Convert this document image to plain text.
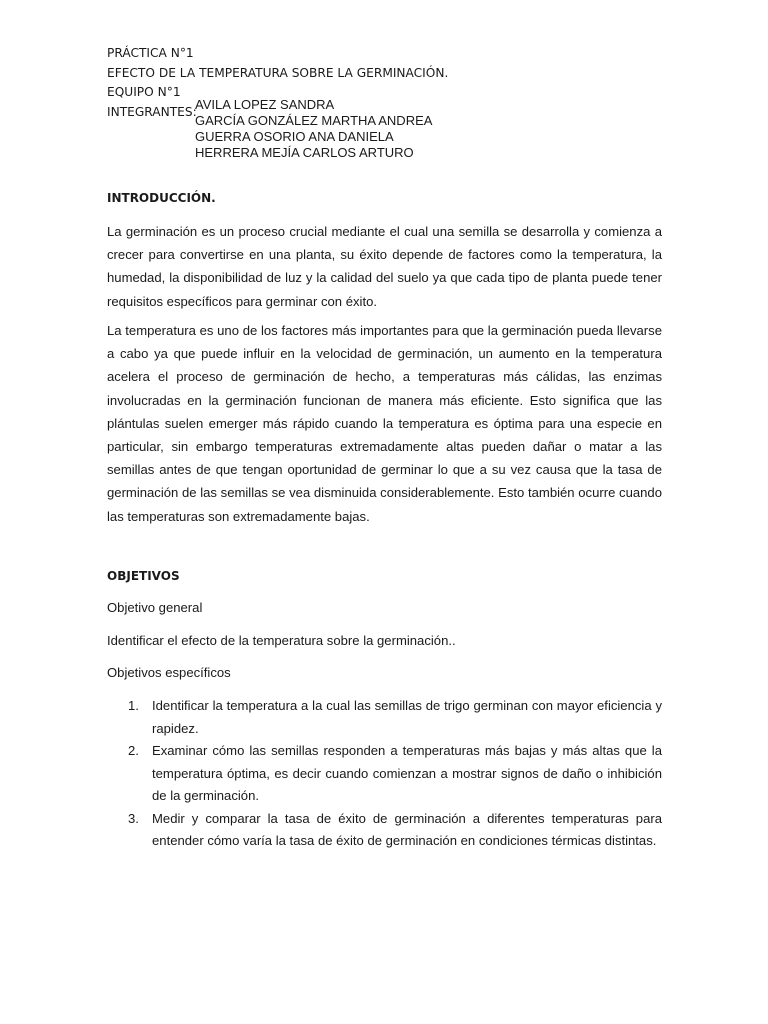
PRÁCTICA N°1
EFECTO DE LA TEMPERATURA SOBRE LA GERMINACIÓN.
EQUIPO N°1
INTEGRANTES:
AVILA LOPEZ SANDRA
GARCÍA GONZÁLEZ MARTHA ANDREA
GUERRA OSORIO ANA DANIELA
HERRERA MEJÍA CARLOS ARTURO
INTRODUCCIÓN.

La germinación es un proceso crucial mediante el cual una semilla se desarrolla y comienza a crecer para convertirse en una planta, su éxito depende de factores como la temperatura, la humedad, la disponibilidad de luz y la calidad del suelo ya que cada tipo de planta puede tener requisitos específicos para germinar con éxito.

La temperatura es uno de los factores más importantes para que la germinación pueda llevarse a cabo ya que puede influir en la velocidad de germinación, un aumento en la temperatura acelera el proceso de germinación de hecho, a temperaturas más cálidas, las enzimas involucradas en la germinación funcionan de manera más eficiente. Esto significa que las plántulas suelen emerger más rápido cuando la temperatura es óptima para una especie en particular, sin embargo temperaturas extremadamente altas pueden dañar o matar a las semillas antes de que tengan oportunidad de germinar lo que a su vez causa que la tasa de germinación de las semillas se vea disminuida considerablemente. Esto también ocurre cuando las temperaturas son extremadamente bajas.

OBJETIVOS
Objetivo general
Identificar el efecto de la temperatura sobre la germinación..
Objetivos específicos
1. Identificar la temperatura a la cual las semillas de trigo germinan con mayor eficiencia y rapidez.
2. Examinar cómo las semillas responden a temperaturas más bajas y más altas que la temperatura óptima, es decir cuando comienzan a mostrar signos de daño o inhibición de la germinación.
3. Medir y comparar la tasa de éxito de germinación a diferentes temperaturas para entender cómo varía la tasa de éxito de germinación en condiciones térmicas distintas.
